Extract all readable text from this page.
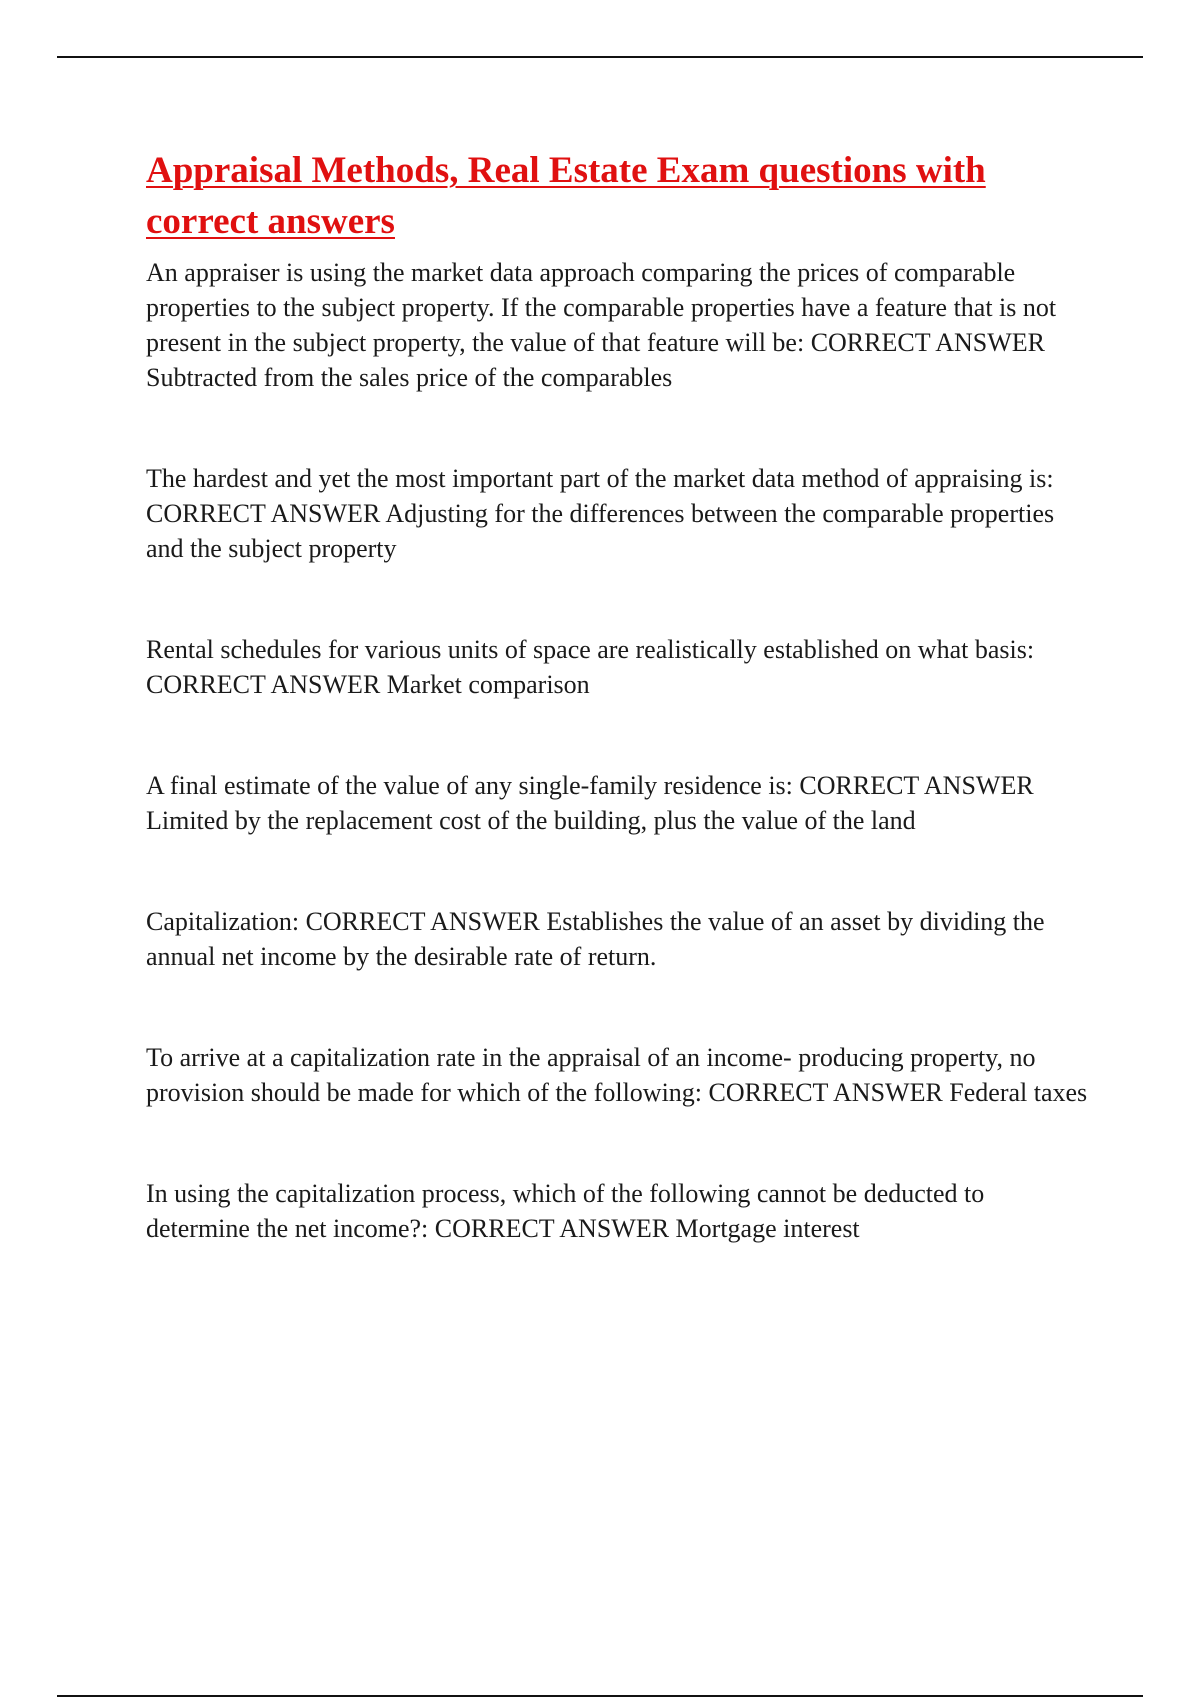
Appraisal Methods, Real Estate Exam questions with correct answers
An appraiser is using the market data approach comparing the prices of comparable properties to the subject property. If the comparable properties have a feature that is not present in the subject property, the value of that feature will be: CORRECT ANSWER Subtracted from the sales price of the comparables
The hardest and yet the most important part of the market data method of appraising is: CORRECT ANSWER Adjusting for the differences between the comparable properties and the subject property
Rental schedules for various units of space are realistically established on what basis: CORRECT ANSWER Market comparison
A final estimate of the value of any single-family residence is: CORRECT ANSWER Limited by the replacement cost of the building, plus the value of the land
Capitalization: CORRECT ANSWER Establishes the value of an asset by dividing the annual net income by the desirable rate of return.
To arrive at a capitalization rate in the appraisal of an income- producing property, no provision should be made for which of the following: CORRECT ANSWER Federal taxes
In using the capitalization process, which of the following cannot be deducted to determine the net income?: CORRECT ANSWER Mortgage interest
